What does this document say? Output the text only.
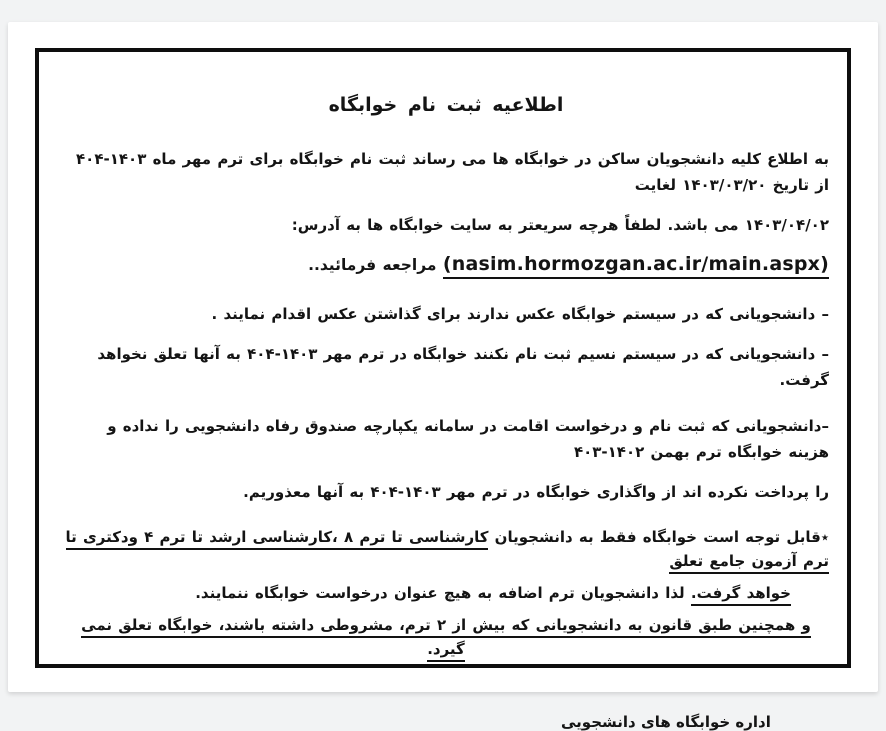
اطلاعیه ثبت نام خوابگاه
به اطلاع کلیه دانشجویان ساکن در خوابگاه ها می رساند ثبت نام خوابگاه برای ترم مهر ماه ۱۴۰۳-۴۰۴ از تاریخ ۱۴۰۳/۰۳/۲۰ لغایت
۱۴۰۳/۰۴/۰۲ می باشد. لطفاً هرچه سریعتر به سایت خوابگاه ها به آدرس:
(nasim.hormozgan.ac.ir/main.aspx) مراجعه فرمائید..
– دانشجویانی که در سیستم خوابگاه عکس ندارند برای گذاشتن عکس اقدام نمایند .
– دانشجویانی که در سیستم نسیم ثبت نام نکنند خوابگاه در ترم مهر ۱۴۰۳-۴۰۴ به آنها تعلق نخواهد گرفت.
–دانشجویانی که ثبت نام و درخواست اقامت در سامانه یکپارچه صندوق رفاه دانشجویی را نداده و هزینه خوابگاه ترم بهمن ۱۴۰۲-۴۰۳
را پرداخت نکرده اند از واگذاری خوابگاه در ترم مهر ۱۴۰۳-۴۰۴ به آنها معذوریم.
٭قابل توجه است خوابگاه فقط به دانشجویان کارشناسی تا ترم ۸ ،کارشناسی ارشد تا ترم ۴ ودکتری تا ترم آزمون جامع تعلق
خواهد گرفت. لذا دانشجویان ترم اضافه به هیچ عنوان درخواست خوابگاه ننمایند.
و همچنین طبق قانون به دانشجویانی که بیش از ۲ ترم، مشروطی داشته باشند، خوابگاه تعلق نمی گیرد.
اداره خوابگاه های دانشجویی
